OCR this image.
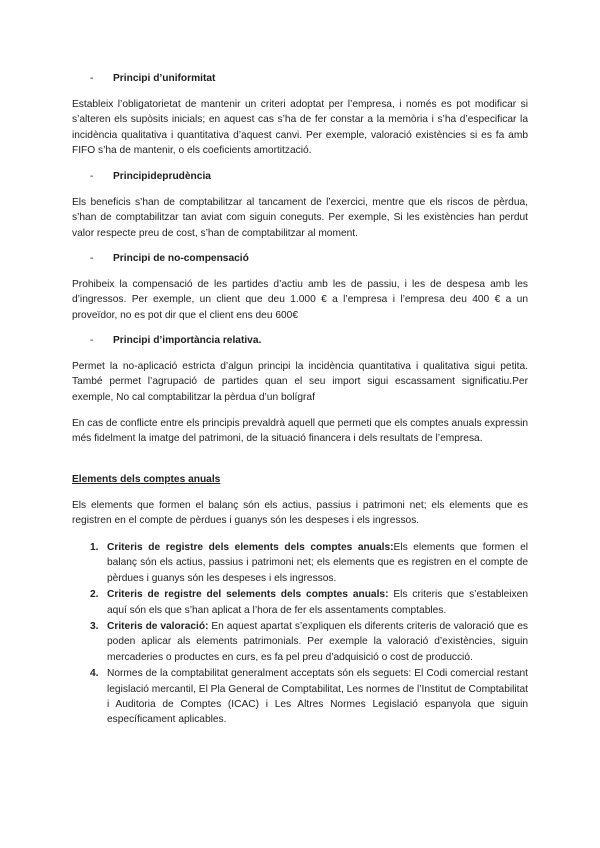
- Principi d’uniformitat
Estableix l’obligatorietat de mantenir un criteri adoptat per l’empresa, i només es pot modificar si s’alteren els supòsits inicials; en aquest cas s’ha de fer constar a la memòria i s’ha d’especificar la incidència qualitativa i quantitativa d’aquest canvi. Per exemple, valoració existències si es fa amb FIFO s’ha de mantenir, o els coeficients amortització.
- Principideprudència
Els beneficis s’han de comptabilitzar al tancament de l’exercici, mentre que els riscos de pèrdua, s’han de comptabilitzar tan aviat com siguin coneguts. Per exemple, Si les existències han perdut valor respecte preu de cost, s’han de comptabilitzar al moment.
- Principi de no-compensació
Prohibeix la compensació de les partides d’actiu amb les de passiu, i les de despesa amb les d’ingressos. Per exemple, un client que deu 1.000 € a l’empresa i l’empresa deu 400 € a un proveïdor, no es pot dir que el client ens deu 600€
- Principi d’importància relativa.
Permet la no-aplicació estricta d’algun principi la incidència quantitativa i qualitativa sigui petita. També permet l’agrupació de partides quan el seu import sigui escassament significatiu.Per exemple, No cal comptabilitzar la pèrdua d’un bolígraf
En cas de conflicte entre els principis prevaldrà aquell que permeti que els comptes anuals expressin més fidelment la imatge del patrimoni, de la situació financera i dels resultats de l’empresa.
Elements dels comptes anuals
Els elements que formen el balanç són els actius, passius i patrimoni net; els elements que es registren en el compte de pèrdues i guanys són les despeses i els ingressos.
1. Criteris de registre dels elements dels comptes anuals:Els elements que formen el balanç són els actius, passius i patrimoni net; els elements que es registren en el compte de pèrdues i guanys són les despeses i els ingressos.
2. Criteris de registre del selements dels comptes anuals: Els criteris que s’estableixen aquí són els que s’han aplicat a l’hora de fer els assentaments comptables.
3. Criteris de valoració: En aquest apartat s’expliquen els diferents criteris de valoració que es poden aplicar als elements patrimonials. Per exemple la valoració d’existències, siguin mercaderies o productes en curs, es fa pel preu d’adquisició o cost de producció.
4. Normes de la comptabilitat generalment acceptats són els seguets: El Codi comercial restant legislació mercantil, El Pla General de Comptabilitat, Les normes de l’Institut de Comptabilitat i Auditoria de Comptes (ICAC) i Les Altres Normes Legislació espanyola que siguin específicament aplicables.
